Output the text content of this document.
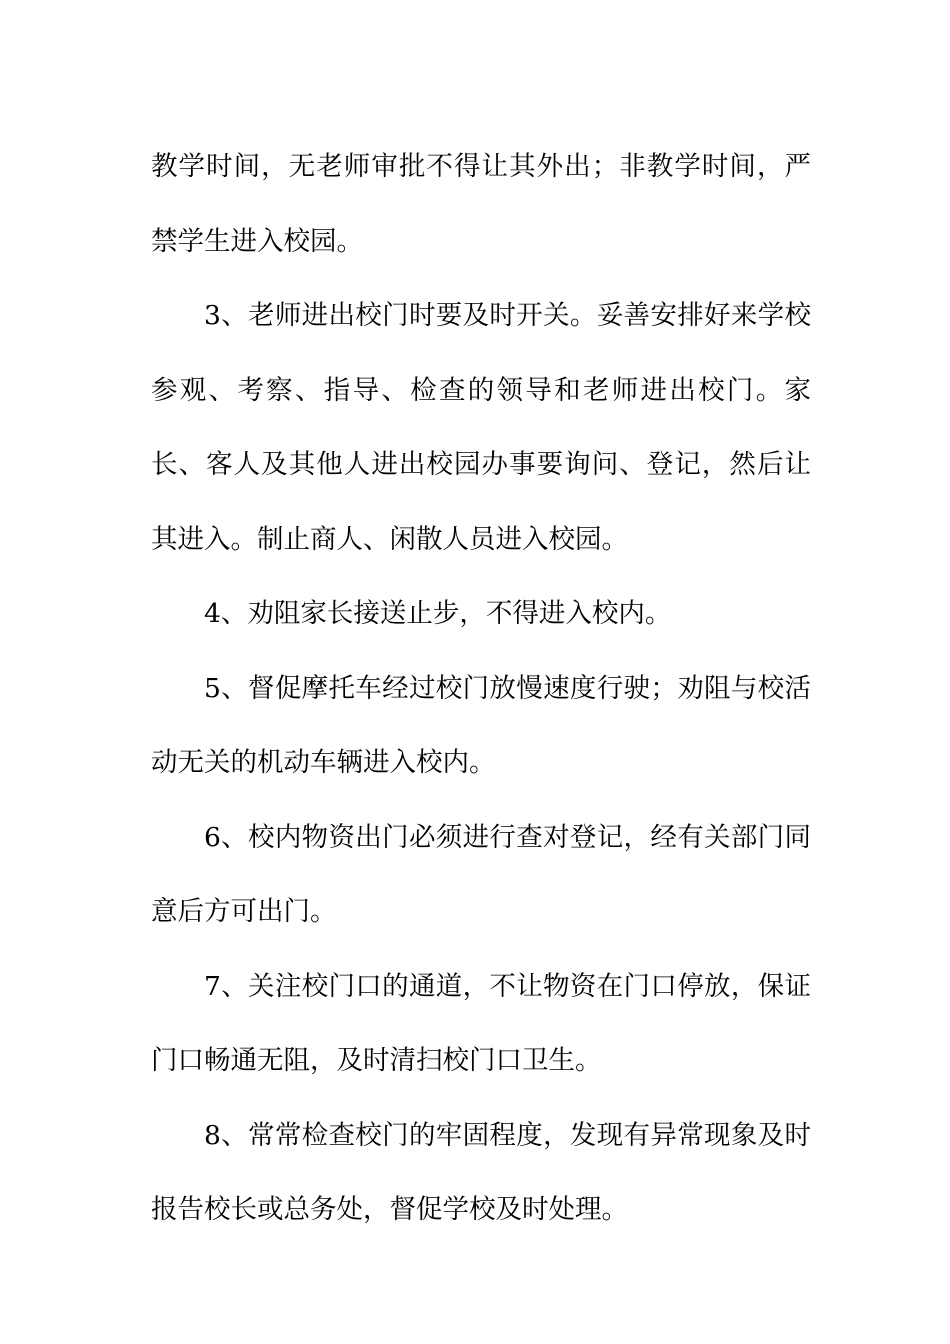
教学时间，无老师审批不得让其外出；非教学时间，严禁学生进入校园。

3、老师进出校门时要及时开关。妥善安排好来学校参观、考察、指导、检查的领导和老师进出校门。家长、客人及其他人进出校园办事要询问、登记，然后让其进入。制止商人、闲散人员进入校园。

4、劝阻家长接送止步，不得进入校内。

5、督促摩托车经过校门放慢速度行驶；劝阻与校活动无关的机动车辆进入校内。

6、校内物资出门必须进行查对登记，经有关部门同意后方可出门。

7、关注校门口的通道，不让物资在门口停放，保证门口畅通无阻，及时清扫校门口卫生。

8、常常检查校门的牢固程度，发现有异常现象及时报告校长或总务处，督促学校及时处理。
